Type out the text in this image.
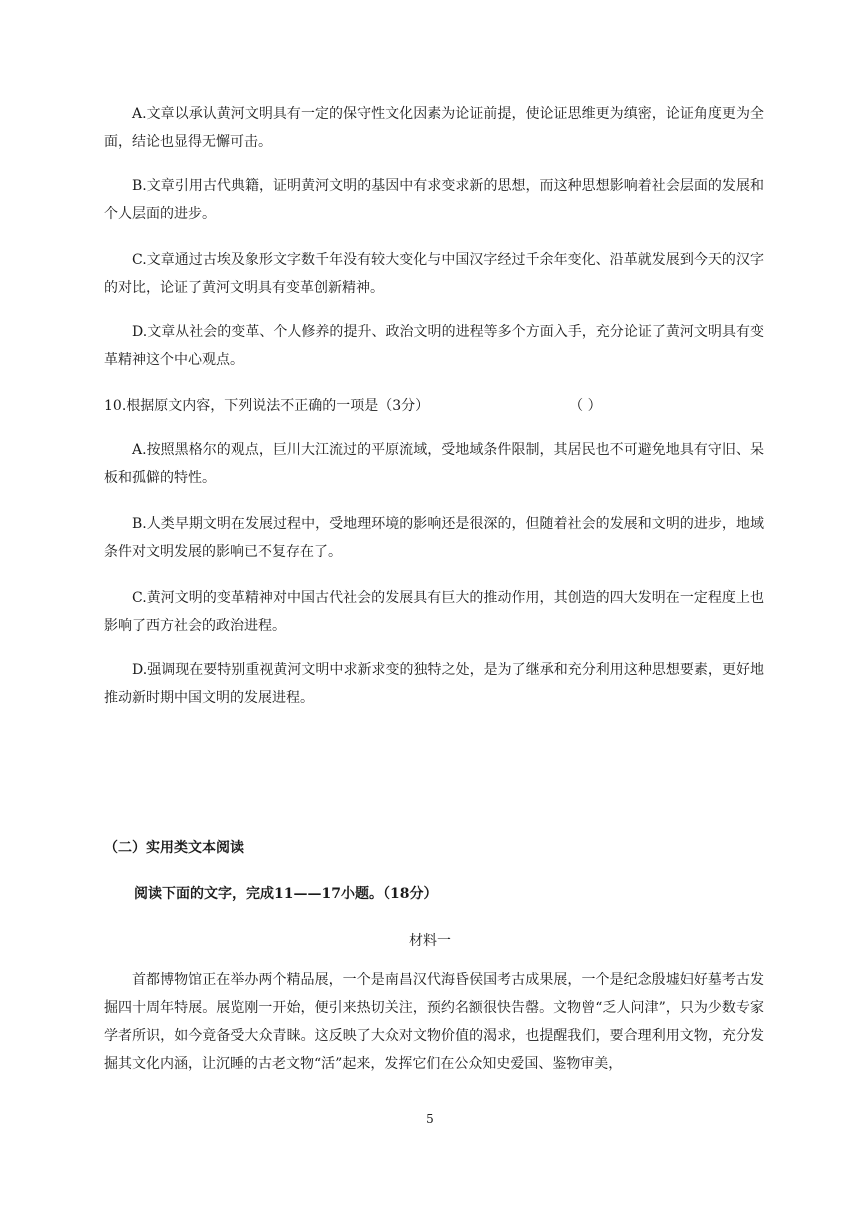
A.文章以承认黄河文明具有一定的保守性文化因素为论证前提，使论证思维更为缜密，论证角度更为全面，结论也显得无懈可击。

B.文章引用古代典籍，证明黄河文明的基因中有求变求新的思想，而这种思想影响着社会层面的发展和个人层面的进步。

C.文章通过古埃及象形文字数千年没有较大变化与中国汉字经过千余年变化、沿革就发展到今天的汉字的对比，论证了黄河文明具有变革创新精神。

D.文章从社会的变革、个人修养的提升、政治文明的进程等多个方面入手，充分论证了黄河文明具有变革精神这个中心观点。

10.根据原文内容，下列说法不正确的一项是（3分）	（ ）

A.按照黑格尔的观点，巨川大江流过的平原流域，受地域条件限制，其居民也不可避免地具有守旧、呆板和孤僻的特性。

B.人类早期文明在发展过程中，受地理环境的影响还是很深的，但随着社会的发展和文明的进步，地域条件对文明发展的影响已不复存在了。

C.黄河文明的变革精神对中国古代社会的发展具有巨大的推动作用，其创造的四大发明在一定程度上也影响了西方社会的政治进程。

D.强调现在要特别重视黄河文明中求新求变的独特之处，是为了继承和充分利用这种思想要素，更好地推动新时期中国文明的发展进程。

（二）实用类文本阅读

阅读下面的文字，完成11——17小题。（18分）

材料一

首都博物馆正在举办两个精品展，一个是南昌汉代海昏侯国考古成果展，一个是纪念殷墟妇好墓考古发掘四十周年特展。展览刚一开始，便引来热切关注，预约名额很快告罄。文物曾“乏人问津”，只为少数专家学者所识，如今竟备受大众青睐。这反映了大众对文物价值的渴求，也提醒我们，要合理利用文物，充分发掘其文化内涵，让沉睡的古老文物“活”起来，发挥它们在公众知史爱国、鉴物审美，

5
